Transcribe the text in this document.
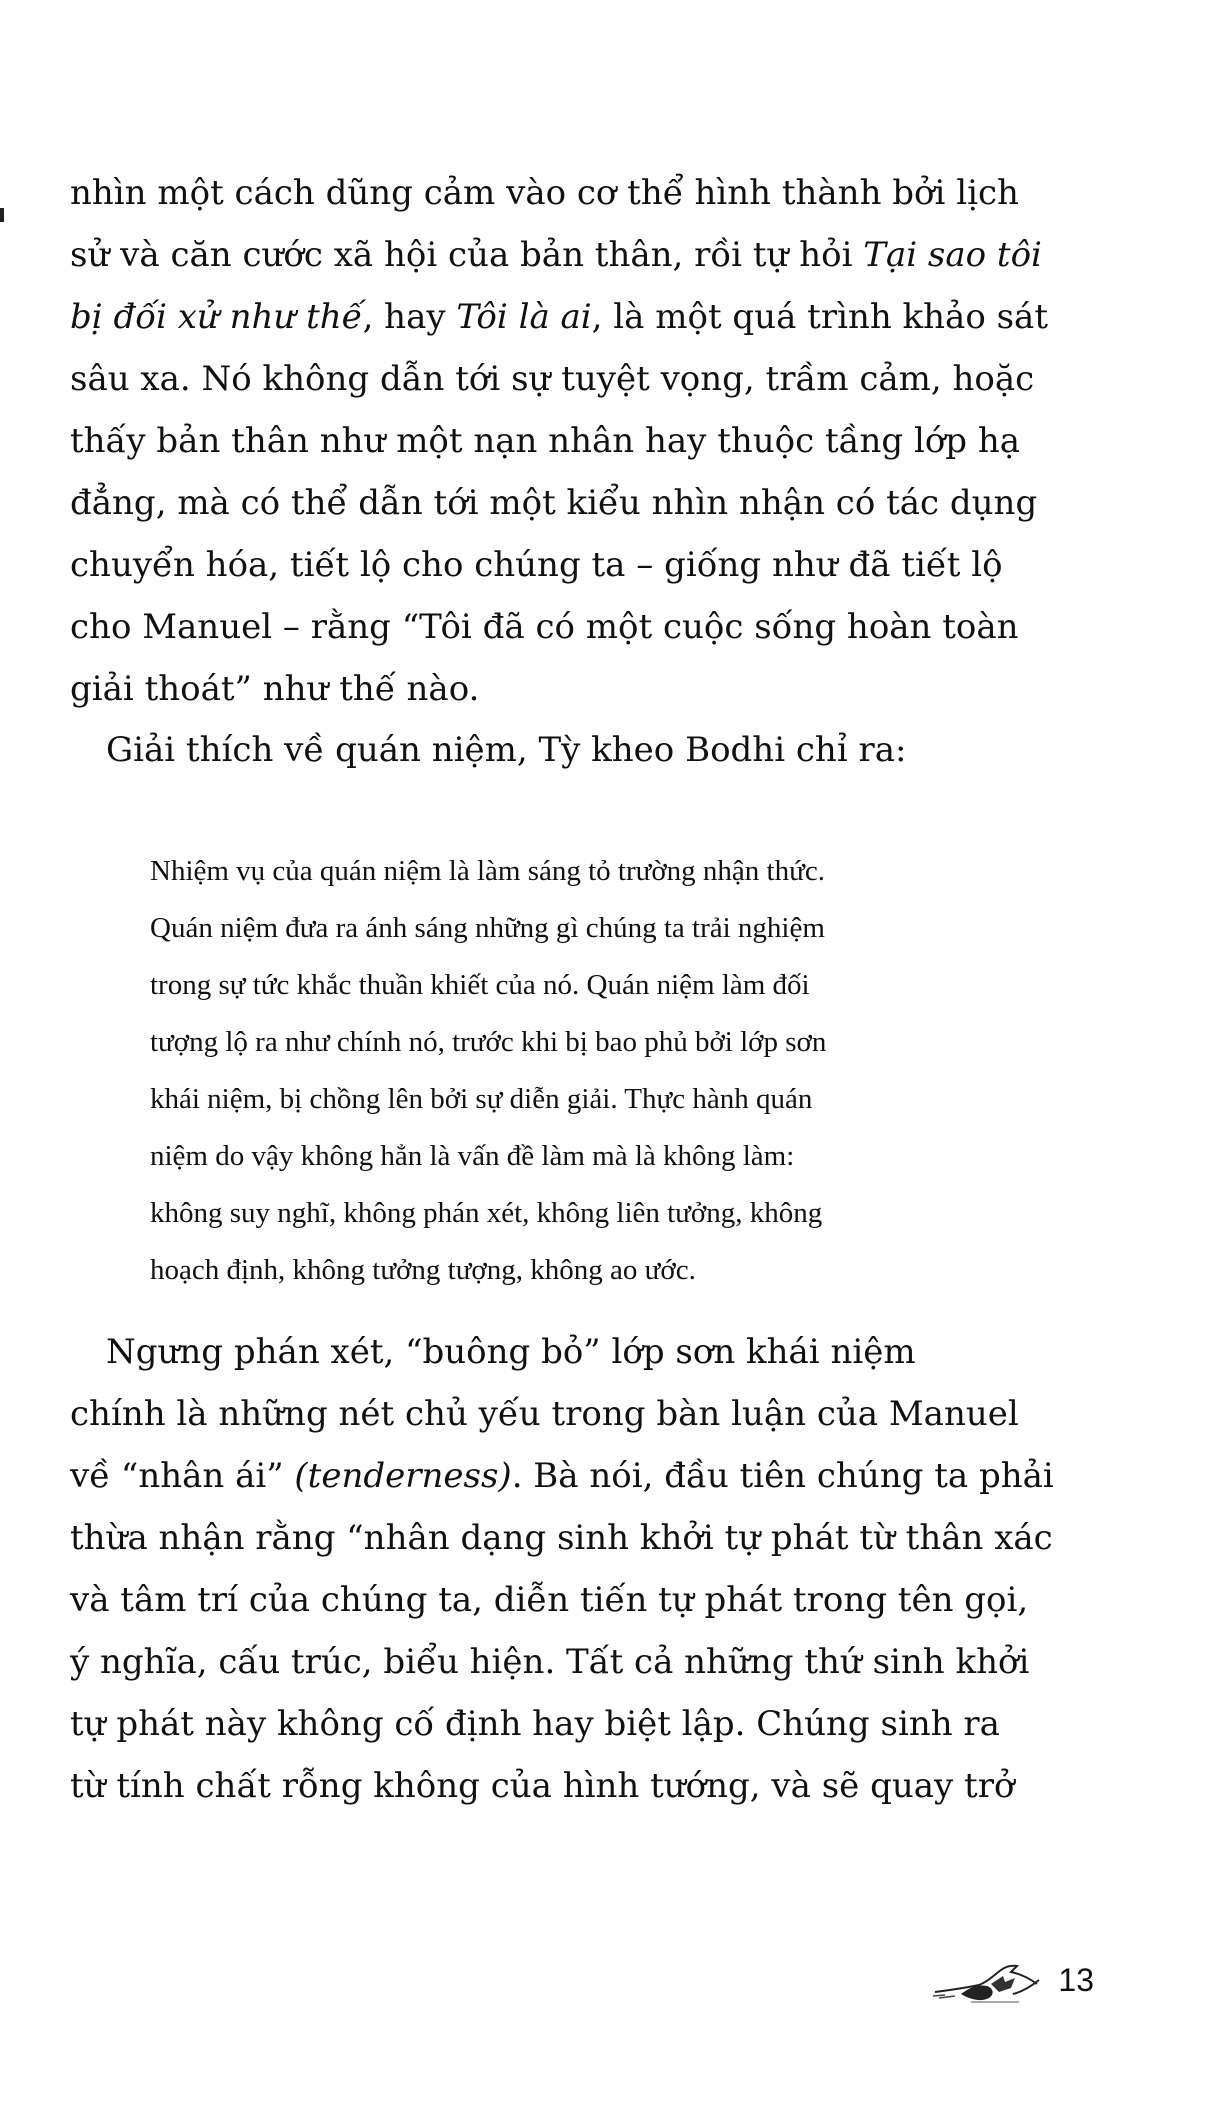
nhìn một cách dũng cảm vào cơ thể hình thành bởi lịch
sử và căn cước xã hội của bản thân, rồi tự hỏi Tại sao tôi
bị đối xử như thế, hay Tôi là ai, là một quá trình khảo sát
sâu xa. Nó không dẫn tới sự tuyệt vọng, trầm cảm, hoặc
thấy bản thân như một nạn nhân hay thuộc tầng lớp hạ
đẳng, mà có thể dẫn tới một kiểu nhìn nhận có tác dụng
chuyển hóa, tiết lộ cho chúng ta – giống như đã tiết lộ
cho Manuel – rằng “Tôi đã có một cuộc sống hoàn toàn
giải thoát” như thế nào.
Giải thích về quán niệm, Tỳ kheo Bodhi chỉ ra:
Nhiệm vụ của quán niệm là làm sáng tỏ trường nhận thức.
Quán niệm đưa ra ánh sáng những gì chúng ta trải nghiệm
trong sự tức khắc thuần khiết của nó. Quán niệm làm đối
tượng lộ ra như chính nó, trước khi bị bao phủ bởi lớp sơn
khái niệm, bị chồng lên bởi sự diễn giải. Thực hành quán
niệm do vậy không hẳn là vấn đề làm mà là không làm:
không suy nghĩ, không phán xét, không liên tưởng, không
hoạch định, không tưởng tượng, không ao ước.
Ngưng phán xét, “buông bỏ” lớp sơn khái niệm
chính là những nét chủ yếu trong bàn luận của Manuel
về “nhân ái” (tenderness). Bà nói, đầu tiên chúng ta phải
thừa nhận rằng “nhân dạng sinh khởi tự phát từ thân xác
và tâm trí của chúng ta, diễn tiến tự phát trong tên gọi,
ý nghĩa, cấu trúc, biểu hiện. Tất cả những thứ sinh khởi
tự phát này không cố định hay biệt lập. Chúng sinh ra
từ tính chất rỗng không của hình tướng, và sẽ quay trở
13
